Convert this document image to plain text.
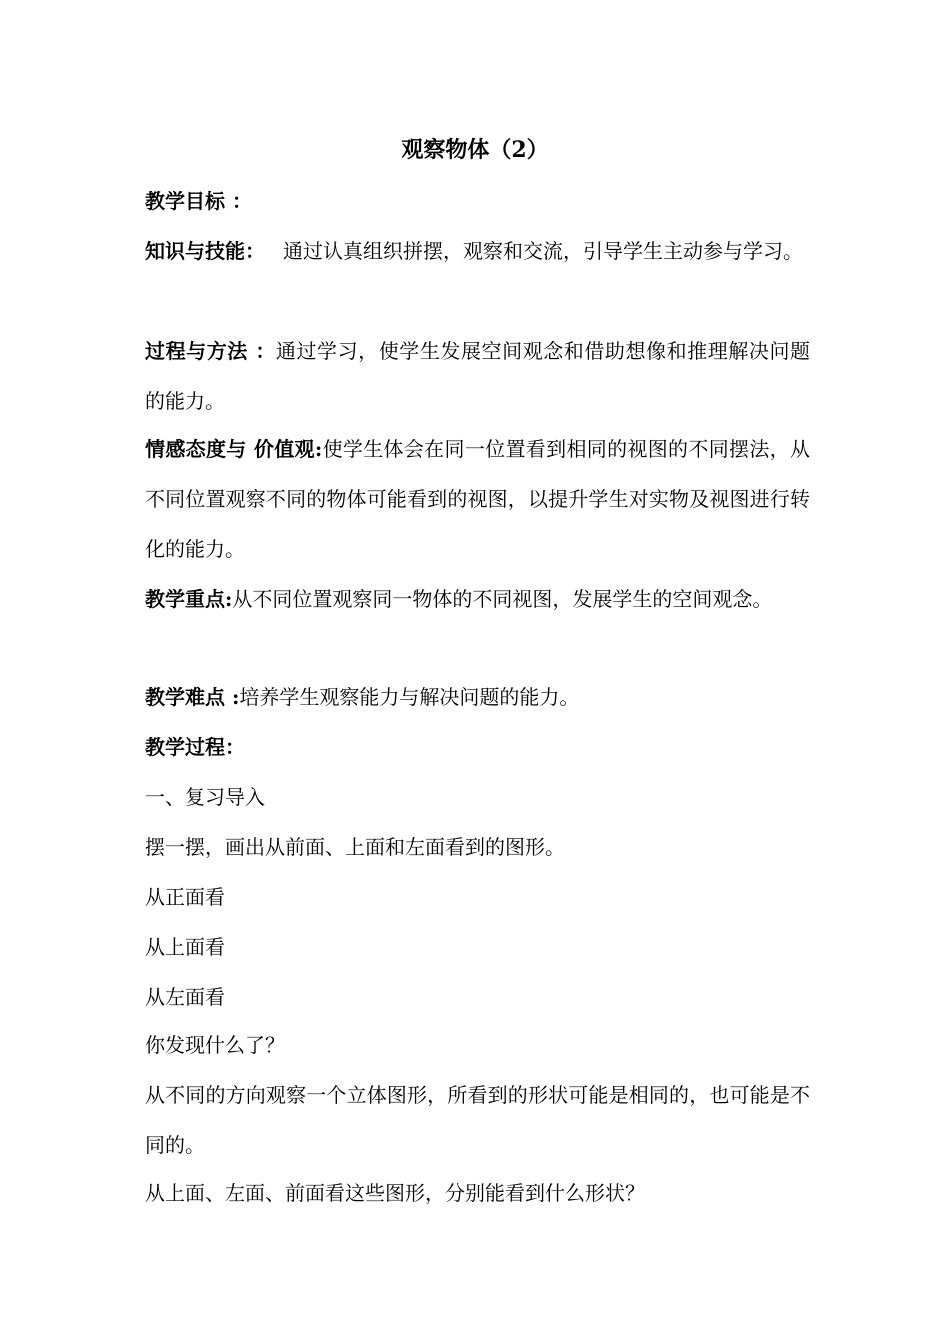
观察物体（2）

教学目标 ：

知识与技能： 通过认真组织拼摆，观察和交流，引导学生主动参与学习。

过程与方法 ：通过学习，使学生发展空间观念和借助想像和推理解决问题的能力。

情感态度与 价值观:使学生体会在同一位置看到相同的视图的不同摆法，从不同位置观察不同的物体可能看到的视图，以提升学生对实物及视图进行转化的能力。

教学重点:从不同位置观察同一物体的不同视图，发展学生的空间观念。

教学难点 :培养学生观察能力与解决问题的能力。

教学过程：

一、复习导入

摆一摆，画出从前面、上面和左面看到的图形。

从正面看

从上面看

从左面看

你发现什么了？

从不同的方向观察一个立体图形，所看到的形状可能是相同的，也可能是不同的。

从上面、左面、前面看这些图形，分别能看到什么形状？
